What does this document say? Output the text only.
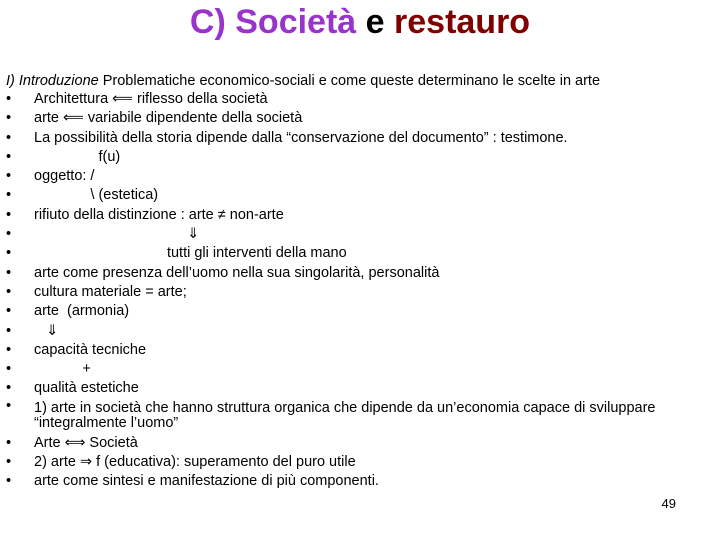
C) Società e restauro
I) Introduzione Problematiche economico-sociali e come queste determinano le scelte in arte
• Architettura ⟸ riflesso della società
• arte ⟸ variabile dipendente della società
• La possibilità della storia dipende dalla “conservazione del documento” : testimone.
•                 f(u)
• oggetto: /
•               \ (estetica)
• rifiuto della distinzione : arte ≠ non-arte
•                                       ⇓
•                                  tutti gli interventi della mano
• arte come presenza dell’uomo nella sua singolarità, personalità
• cultura materiale = arte;
• arte  (armonia)
•    ⇓
• capacità tecniche
•             +
• qualità estetiche
• 1) arte in società che hanno struttura organica che dipende da un’economia capace di sviluppare “integralmente l’uomo”
• Arte ⟺ Società
• 2) arte ⇒ f (educativa): superamento del puro utile
• arte come sintesi e manifestazione di più componenti.
49
